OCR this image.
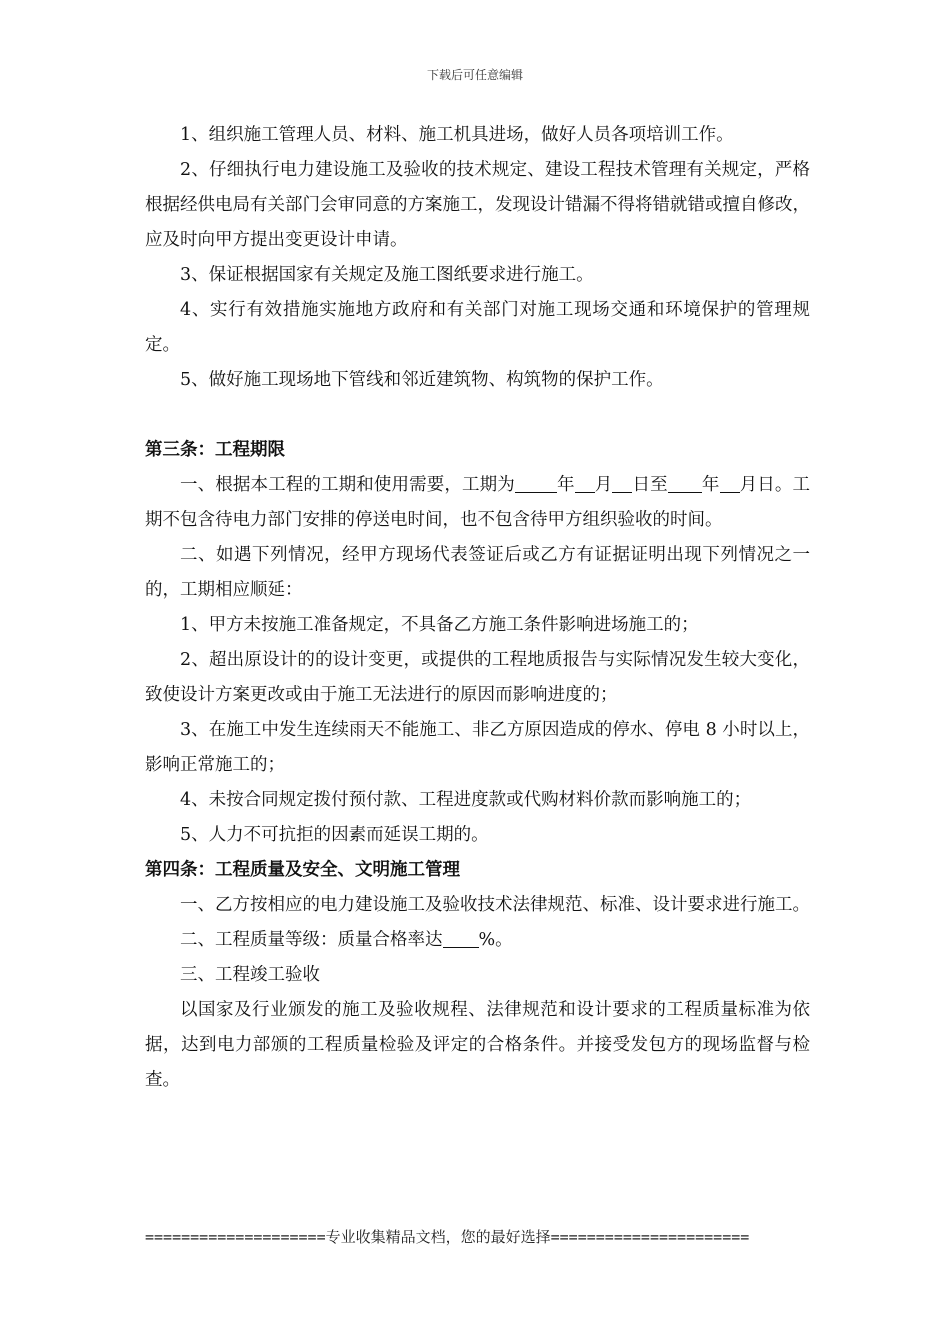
下载后可任意编辑

1、组织施工管理人员、材料、施工机具进场，做好人员各项培训工作。

2、仔细执行电力建设施工及验收的技术规定、建设工程技术管理有关规定，严格根据经供电局有关部门会审同意的方案施工，发现设计错漏不得将错就错或擅自修改，应及时向甲方提出变更设计申请。

3、保证根据国家有关规定及施工图纸要求进行施工。

4、实行有效措施实施地方政府和有关部门对施工现场交通和环境保护的管理规定。

5、做好施工现场地下管线和邻近建筑物、构筑物的保护工作。

第三条：工程期限

一、根据本工程的工期和使用需要，工期为 年 月 日至 年 月日。工期不包含待电力部门安排的停送电时间，也不包含待甲方组织验收的时间。

二、如遇下列情况，经甲方现场代表签证后或乙方有证据证明出现下列情况之一的，工期相应顺延：

1、甲方未按施工准备规定，不具备乙方施工条件影响进场施工的；

2、超出原设计的的设计变更，或提供的工程地质报告与实际情况发生较大变化，致使设计方案更改或由于施工无法进行的原因而影响进度的；

3、在施工中发生连续雨天不能施工、非乙方原因造成的停水、停电 8 小时以上，影响正常施工的；

4、未按合同规定拨付预付款、工程进度款或代购材料价款而影响施工的；

5、人力不可抗拒的因素而延误工期的。

第四条：工程质量及安全、文明施工管理

一、乙方按相应的电力建设施工及验收技术法律规范、标准、设计要求进行施工。

二、工程质量等级：质量合格率达 %。

三、工程竣工验收

以国家及行业颁发的施工及验收规程、法律规范和设计要求的工程质量标准为依据，达到电力部颁的工程质量检验及评定的合格条件。并接受发包方的现场监督与检查。

====================专业收集精品文档，您的最好选择======================
